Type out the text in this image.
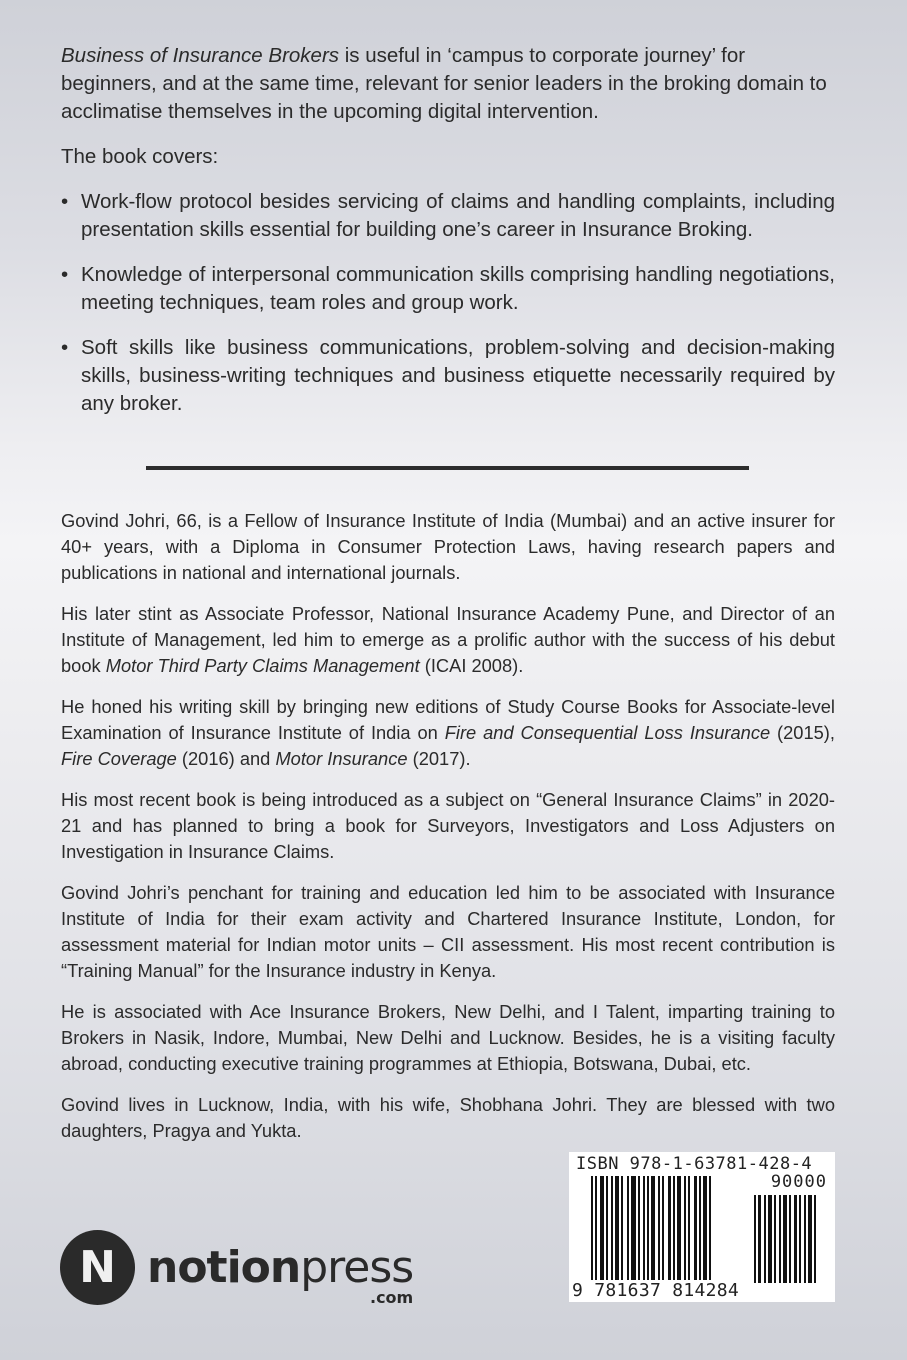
Business of Insurance Brokers is useful in ‘campus to corporate journey’ for beginners, and at the same time, relevant for senior leaders in the broking domain to acclimatise themselves in the upcoming digital intervention.

The book covers:

• Work-flow protocol besides servicing of claims and handling complaints, including presentation skills essential for building one’s career in Insurance Broking.
• Knowledge of interpersonal communication skills comprising handling negotiations, meeting techniques, team roles and group work.
• Soft skills like business communications, problem-solving and decision-making skills, business-writing techniques and business etiquette necessarily required by any broker.

Govind Johri, 66, is a Fellow of Insurance Institute of India (Mumbai) and an active insurer for 40+ years, with a Diploma in Consumer Protection Laws, having research papers and publications in national and international journals.

His later stint as Associate Professor, National Insurance Academy Pune, and Director of an Institute of Management, led him to emerge as a prolific author with the success of his debut book Motor Third Party Claims Management (ICAI 2008).

He honed his writing skill by bringing new editions of Study Course Books for Associate-level Examination of Insurance Institute of India on Fire and Consequential Loss Insurance (2015), Fire Coverage (2016) and Motor Insurance (2017).

His most recent book is being introduced as a subject on “General Insurance Claims” in 2020-21 and has planned to bring a book for Surveyors, Investigators and Loss Adjusters on Investigation in Insurance Claims.

Govind Johri’s penchant for training and education led him to be associated with Insurance Institute of India for their exam activity and Chartered Insurance Institute, London, for assessment material for Indian motor units – CII assessment. His most recent contribution is “Training Manual” for the Insurance industry in Kenya.

He is associated with Ace Insurance Brokers, New Delhi, and I Talent, imparting training to Brokers in Nasik, Indore, Mumbai, New Delhi and Lucknow. Besides, he is a visiting faculty abroad, conducting executive training programmes at Ethiopia, Botswana, Dubai, etc.

Govind lives in Lucknow, India, with his wife, Shobhana Johri. They are blessed with two daughters, Pragya and Yukta.

N notionpress
.com
ISBN 978-1-63781-428-4
90000
9 781637 814284
